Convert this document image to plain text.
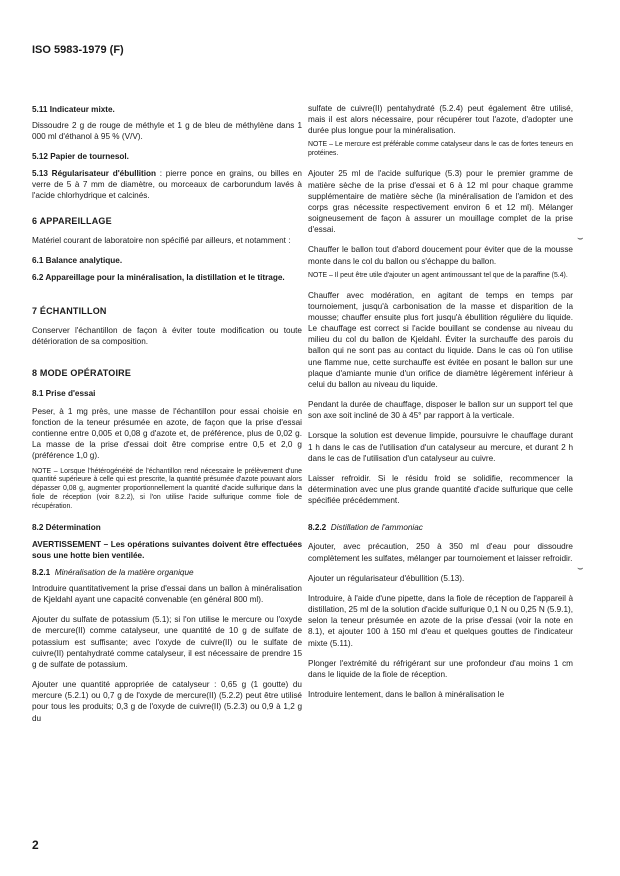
ISO 5983-1979 (F)
5.11 Indicateur mixte.
Dissoudre 2 g de rouge de méthyle et 1 g de bleu de méthylène dans 1 000 ml d'éthanol à 95 % (V/V).
5.12 Papier de tournesol.
5.13 Régularisateur d'ébullition : pierre ponce en grains, ou billes en verre de 5 à 7 mm de diamètre, ou morceaux de carborundum lavés à l'acide chlorhydrique et calcinés.
6 APPAREILLAGE
Matériel courant de laboratoire non spécifié par ailleurs, et notamment :
6.1 Balance analytique.
6.2 Appareillage pour la minéralisation, la distillation et le titrage.
7 ÉCHANTILLON
Conserver l'échantillon de façon à éviter toute modification ou toute détérioration de sa composition.
8 MODE OPÉRATOIRE
8.1 Prise d'essai
Peser, à 1 mg près, une masse de l'échantillon pour essai choisie en fonction de la teneur présumée en azote, de façon que la prise d'essai contienne entre 0,005 et 0,08 g d'azote et, de préférence, plus de 0,02 g. La masse de la prise d'essai doit être comprise entre 0,5 et 2,0 g (préférence 1,0 g).
NOTE – Lorsque l'hétérogénéité de l'échantillon rend nécessaire le prélèvement d'une quantité supérieure à celle qui est prescrite, la quantité présumée d'azote pouvant alors dépasser 0,08 g, augmenter proportionnellement la quantité d'acide sulfurique dans la fiole de réception (voir 8.2.2), si l'on utilise l'acide sulfurique comme fiole de récupération.
8.2 Détermination
AVERTISSEMENT – Les opérations suivantes doivent être effectuées sous une hotte bien ventilée.
8.2.1 Minéralisation de la matière organique
Introduire quantitativement la prise d'essai dans un ballon à minéralisation de Kjeldahl ayant une capacité convenable (en général 800 ml).
Ajouter du sulfate de potassium (5.1); si l'on utilise le mercure ou l'oxyde de mercure(II) comme catalyseur, une quantité de 10 g de sulfate de potassium est suffisante; avec l'oxyde de cuivre(II) ou le sulfate de cuivre(II) pentahydraté comme catalyseur, il est nécessaire de prendre 15 g de sulfate de potassium.
Ajouter une quantité appropriée de catalyseur : 0,65 g (1 goutte) du mercure (5.2.1) ou 0,7 g de l'oxyde de mercure(II) (5.2.2) peut être utilisé pour tous les produits; 0,3 g de l'oxyde de cuivre(II) (5.2.3) ou 0,9 à 1,2 g du
sulfate de cuivre(II) pentahydraté (5.2.4) peut également être utilisé, mais il est alors nécessaire, pour récupérer tout l'azote, d'adopter une durée plus longue pour la minéralisation.
NOTE – Le mercure est préférable comme catalyseur dans le cas de fortes teneurs en protéines.
Ajouter 25 ml de l'acide sulfurique (5.3) pour le premier gramme de matière sèche de la prise d'essai et 6 à 12 ml pour chaque gramme supplémentaire de matière sèche (la minéralisation de l'amidon et des corps gras nécessite respectivement environ 6 et 12 ml). Mélanger soigneusement de façon à assurer un mouillage complet de la prise d'essai.
Chauffer le ballon tout d'abord doucement pour éviter que de la mousse monte dans le col du ballon ou s'échappe du ballon.
NOTE – Il peut être utile d'ajouter un agent antimoussant tel que de la paraffine (5.4).
Chauffer avec modération, en agitant de temps en temps par tournoiement, jusqu'à carbonisation de la masse et disparition de la mousse; chauffer ensuite plus fort jusqu'à ébullition régulière du liquide. Le chauffage est correct si l'acide bouillant se condense au niveau du milieu du col du ballon de Kjeldahl. Éviter la surchauffe des parois du ballon qui ne sont pas au contact du liquide. Dans le cas où l'on utilise une flamme nue, cette surchauffe est évitée en posant le ballon sur une plaque d'amiante munie d'un orifice de diamètre légèrement inférieur à celui du ballon au niveau du liquide.
Pendant la durée de chauffage, disposer le ballon sur un support tel que son axe soit incliné de 30 à 45° par rapport à la verticale.
Lorsque la solution est devenue limpide, poursuivre le chauffage durant 1 h dans le cas de l'utilisation d'un catalyseur au mercure, et durant 2 h dans le cas de l'utilisation d'un catalyseur au cuivre.
Laisser refroidir. Si le résidu froid se solidifie, recommencer la détermination avec une plus grande quantité d'acide sulfurique que celle spécifiée précédemment.
8.2.2 Distillation de l'ammoniac
Ajouter, avec précaution, 250 à 350 ml d'eau pour dissoudre complètement les sulfates, mélanger par tournoiement et laisser refroidir.
Ajouter un régularisateur d'ébullition (5.13).
Introduire, à l'aide d'une pipette, dans la fiole de réception de l'appareil à distillation, 25 ml de la solution d'acide sulfurique 0,1 N ou 0,25 N (5.9.1), selon la teneur présumée en azote de la prise d'essai (voir la note en 8.1), et ajouter 100 à 150 ml d'eau et quelques gouttes de l'indicateur mixte (5.11).
Plonger l'extrémité du réfrigérant sur une profondeur d'au moins 1 cm dans le liquide de la fiole de réception.
Introduire lentement, dans le ballon à minéralisation le
⌣
⌣
2
